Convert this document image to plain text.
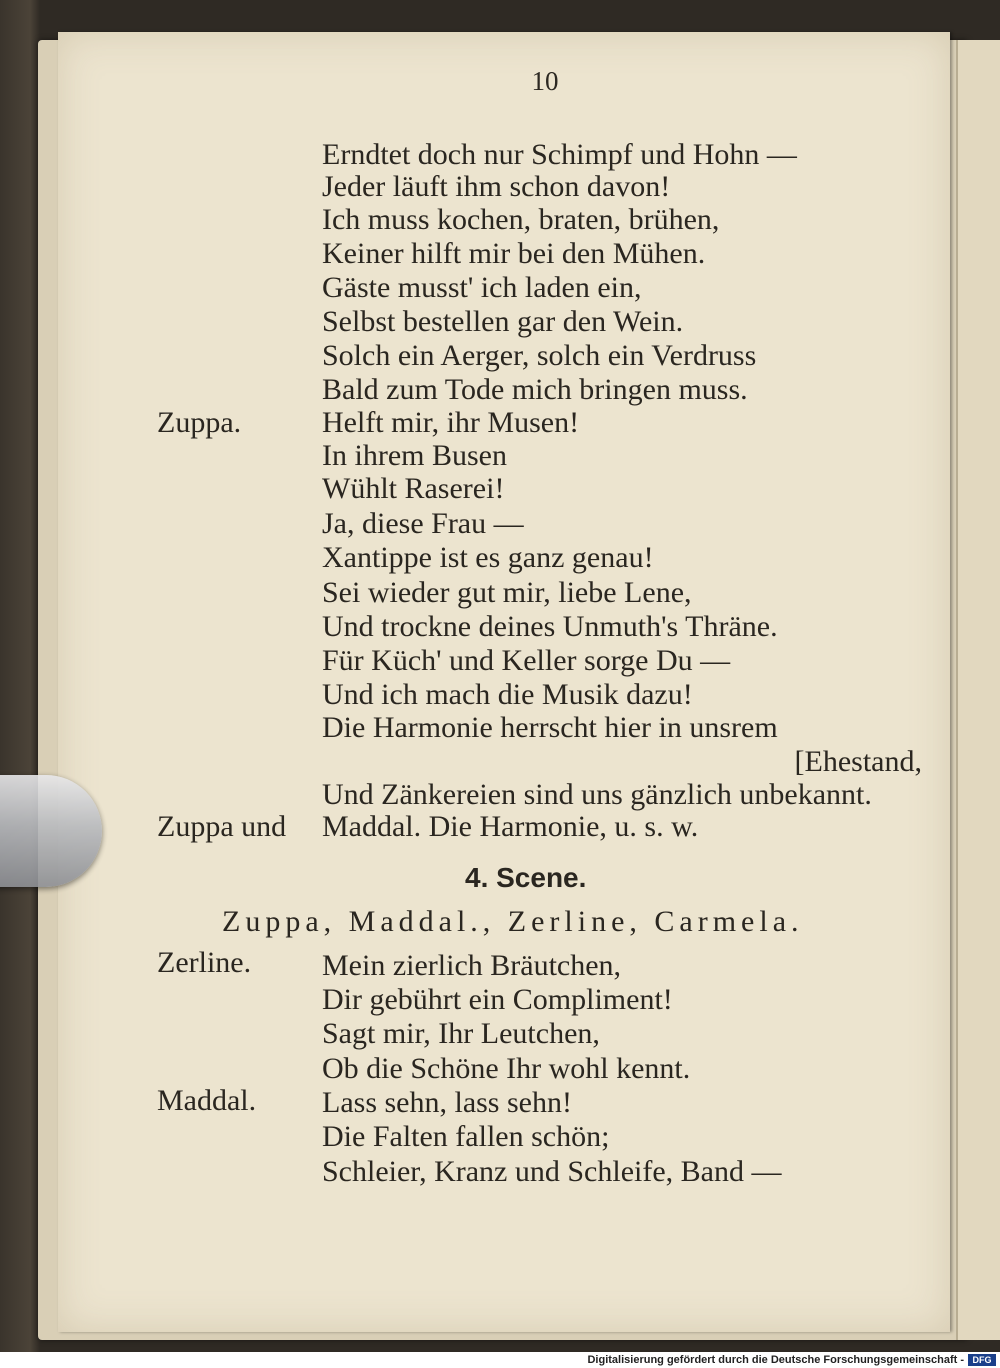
10
Erndtet doch nur Schimpf und Hohn —
Jeder läuft ihm schon davon!
Ich muss kochen, braten, brühen,
Keiner hilft mir bei den Mühen.
Gäste musst' ich laden ein,
Selbst bestellen gar den Wein.
Solch ein Aerger, solch ein Verdruss
Bald zum Tode mich bringen muss.
Zuppa.	Helft mir, ihr Musen!
In ihrem Busen
Wühlt Raserei!
Ja, diese Frau —
Xantippe ist es ganz genau!
Sei wieder gut mir, liebe Lene,
Und trockne deines Unmuth's Thräne.
Für Küch' und Keller sorge Du —
Und ich mach die Musik dazu!
Die Harmonie herrscht hier in unsrem
[Ehestand,
Und Zänkereien sind uns gänzlich unbekannt.
Zuppa und Maddal. Die Harmonie, u. s. w.
4. Scene.
Zuppa, Maddal., Zerline, Carmela.
Zerline. Mein zierlich Bräutchen,
Dir gebührt ein Compliment!
Sagt mir, Ihr Leutchen,
Ob die Schöne Ihr wohl kennt.
Maddal. Lass sehn, lass sehn!
Die Falten fallen schön;
Schleier, Kranz und Schleife, Band —
Digitalisierung gefördert durch die Deutsche Forschungsgemeinschaft - DFG
